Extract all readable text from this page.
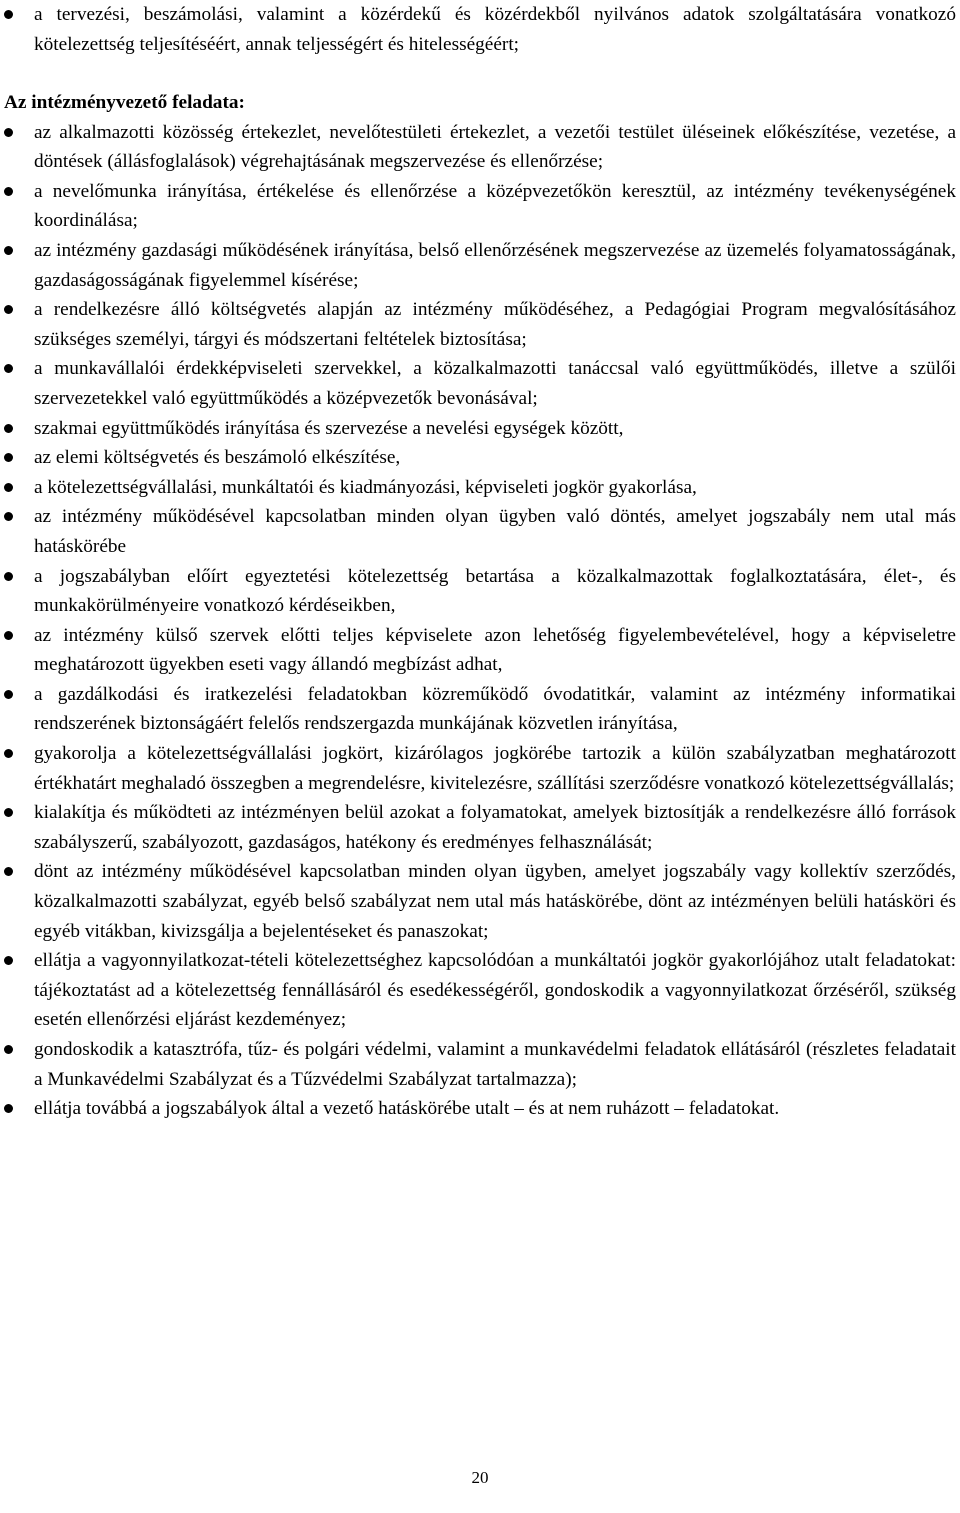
a tervezési, beszámolási, valamint a közérdekű és közérdekből nyilvános adatok szolgáltatására vonatkozó kötelezettség teljesítéséért, annak teljességért és hitelességéért;
Az intézményvezető feladata:
az alkalmazotti közösség értekezlet, nevelőtestületi értekezlet, a vezetői testület üléseinek előkészítése, vezetése, a döntések (állásfoglalások) végrehajtásának megszervezése és ellenőrzése;
a nevelőmunka irányítása, értékelése és ellenőrzése a középvezetőkön keresztül, az intézmény tevékenységének koordinálása;
az intézmény gazdasági működésének irányítása, belső ellenőrzésének megszervezése az üzemelés folyamatosságának, gazdaságosságának figyelemmel kísérése;
a rendelkezésre álló költségvetés alapján az intézmény működéséhez, a Pedagógiai Program megvalósításához szükséges személyi, tárgyi és módszertani feltételek biztosítása;
a munkavállalói érdekképviseleti szervekkel, a közalkalmazotti tanáccsal való együttműködés, illetve a szülői szervezetekkel való együttműködés a középvezetők bevonásával;
szakmai együttműködés irányítása és szervezése a nevelési egységek között,
az elemi költségvetés és beszámoló elkészítése,
a kötelezettségvállalási, munkáltatói és kiadmányozási, képviseleti jogkör gyakorlása,
az intézmény működésével kapcsolatban minden olyan ügyben való döntés, amelyet jogszabály nem utal más hatáskörébe
a jogszabályban előírt egyeztetési kötelezettség betartása a közalkalmazottak foglalkoztatására, élet-, és munkakörülményeire vonatkozó kérdéseikben,
az intézmény külső szervek előtti teljes képviselete azon lehetőség figyelembevételével, hogy a képviseletre meghatározott ügyekben eseti vagy állandó megbízást adhat,
a gazdálkodási és iratkezelési feladatokban közreműködő óvodatitkár, valamint az intézmény informatikai rendszerének biztonságáért felelős rendszergazda munkájának közvetlen irányítása,
gyakorolja a kötelezettségvállalási jogkört, kizárólagos jogkörébe tartozik a külön szabályzatban meghatározott értékhatárt meghaladó összegben a megrendelésre, kivitelezésre, szállítási szerződésre vonatkozó kötelezettségvállalás;
kialakítja és működteti az intézményen belül azokat a folyamatokat, amelyek biztosítják a rendelkezésre álló források szabályszerű, szabályozott, gazdaságos, hatékony és eredményes felhasználását;
dönt az intézmény működésével kapcsolatban minden olyan ügyben, amelyet jogszabály vagy kollektív szerződés, közalkalmazotti szabályzat, egyéb belső szabályzat nem utal más hatáskörébe, dönt az intézményen belüli hatásköri és egyéb vitákban, kivizsgálja a bejelentéseket és panaszokat;
ellátja a vagyonnyilatkozat-tételi kötelezettséghez kapcsolódóan a munkáltatói jogkör gyakorlójához utalt feladatokat: tájékoztatást ad a kötelezettség fennállásáról és esedékességéről, gondoskodik a vagyonnyilatkozat őrzéséről, szükség esetén ellenőrzési eljárást kezdeményez;
gondoskodik a katasztrófa, tűz- és polgári védelmi, valamint a munkavédelmi feladatok ellátásáról (részletes feladatait a Munkavédelmi Szabályzat és a Tűzvédelmi Szabályzat tartalmazza);
ellátja továbbá a jogszabályok által a vezető hatáskörébe utalt – és at nem ruházott – feladatokat.
20
